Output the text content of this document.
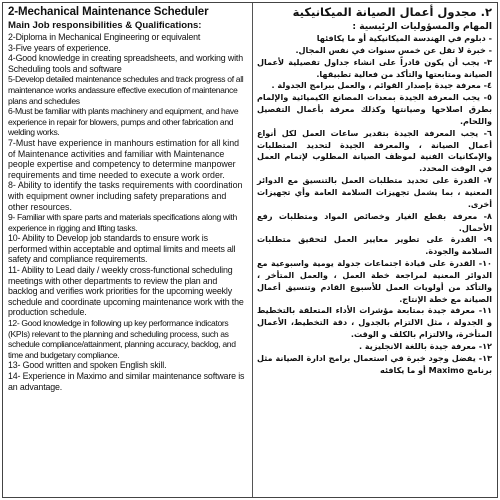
2-Mechanical Maintenance Scheduler
Main Job responsibilities & Qualifications:
2-Diploma in Mechanical Engineering or equivalent
3-Five years of experience.
4-Good knowledge in creating spreadsheets, and working with Scheduling tools and software
5-Develop detailed maintenance schedules and track progress of all maintenance works andassure effective execution of maintenance plans and schedules
6-Must be familiar with plants machinery and equipment, and have experience in repair for blowers, pumps and other fabrication and welding works.
7-Must have experience in manhours estimation for all kind of Maintenance activities and familiar with Maintenance people expertise and competency to determine manpower requirements and time needed to execute a work order.
8- Ability to identify the tasks requirements with coordination with equipment owner including safety preparations and other resources.
9- Familiar with spare parts and materials specifications along with experience in rigging and lifting tasks.
10- Ability to Develop job standards to ensure work is performed within acceptable and optimal limits and meets all safety and compliance requirements.
11- Ability to Lead daily / weekly cross-functional scheduling meetings with other departments to review the plan and backlog and verifies work priorities for the upcoming weekly schedule and coordinate upcoming maintenance work with the production schedule.
12- Good knowledge in following up key performance indicators (KPIs) relevant to the planning and scheduling process, such as schedule compliance/attainment, planning accuracy, backlog, and time and budgetary compliance.
13- Good written and spoken English skill.
14- Experience in Maximo and similar maintenance software is an advantage.
٢. مجدول أعمال الصيانة الميكانيكية
المهام والمسؤوليات الرئيسية :
- دبلوم في الهندسة الميكانيكية أو ما يكافئها
- خبرة لا تقل عن خمس سنوات في نفس المجال.
٣- يجب أن يكون قادراً على انشاء جداول تفصيلية لأعمال الصيانة ومتابعتها والتأكد من فعالية تطبيقها.
٤- معرفة جيدة بإصدار القوائم ، والعمل ببرامج الجدولة .
٥- يجب المعرفة الجيدة بمعدات المصانع الكيميائية والإلمام بطرق اصلاحها وصيانتها وكذلك معرفة بأعمال التفصيل واللحام.
٦- يجب المعرفة الجيدة بتقدير ساعات العمل لكل أنواع أعمال الصيانة ، والمعرفة الجيدة لتحديد المتطلبات والإمكانيات الفنية لموظف الصيانة المطلوب لإتمام العمل في الوقت المحدد.
٧- القدرة على تحديد متطلبات العمل بالتنسيق مع الدوائر المعنية ، بما يشمل تجهيزات السلامة العامة وأي تجهيزات أخرى.
٨- معرفة بقطع الغيار وخصائص المواد ومتطلبات رفع الأحمال.
٩- القدرة على تطوير معايير العمل لتحقيق متطلبات السلامة والجودة.
١٠- القدرة على قيادة اجتماعات جدولة يومية واسبوعية مع الدوائر المعنية لمراجعة خطة العمل ، والعمل المتأخر ، والتأكد من أولويات العمل للأسبوع القادم وتنسيق أعمال الصيانة مع خطة الإنتاج.
١١- معرفة جيدة بمتابعة مؤشرات الأداء المتعلقة بالتخطيط و الجدولة ، مثل الالتزام بالجدول ، دقة التخطيط، الأعمال المتأخرة، والالتزام بالكلف و الوقت.
١٢- معرفة جيدة باللغة الانجليزية .
١٣- يفضل وجود خبرة في استعمال برامج ادارة الصيانة مثل برنامج Maximo أو ما يكافئه
